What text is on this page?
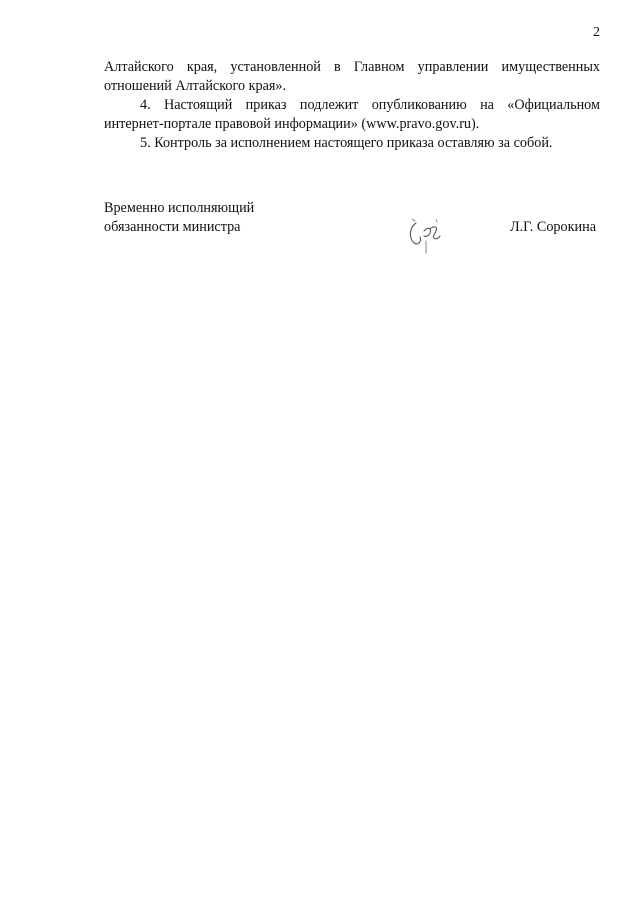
2

Алтайского края, установленной в Главном управлении имущественных
отношений Алтайского края».

4. Настоящий приказ подлежит опубликованию на «Официальном
интернет-портале правовой информации» (www.pravo.gov.ru).

5. Контроль за исполнением настоящего приказа оставляю за собой.

Временно исполняющий
обязанности министра	Л.Г. Сорокина
